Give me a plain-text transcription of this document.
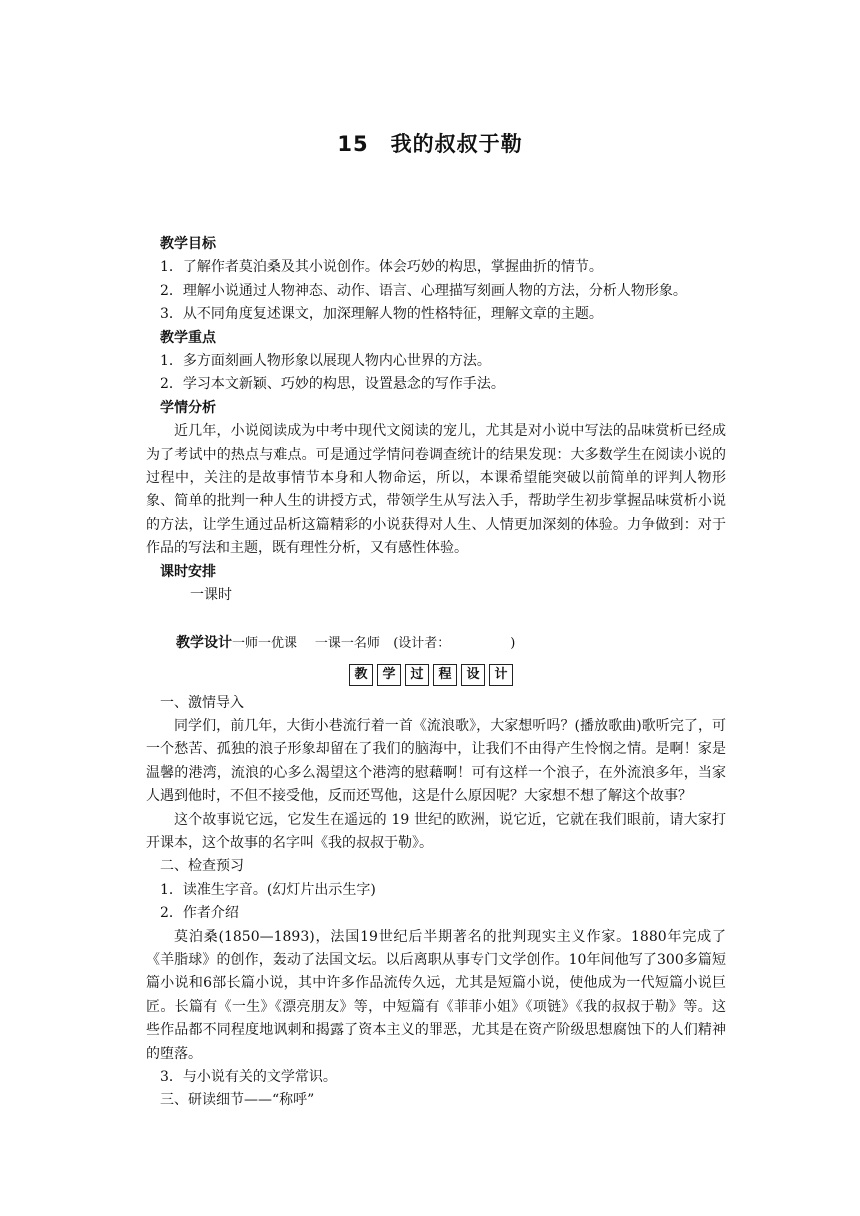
15 我的叔叔于勒

教学目标

1．了解作者莫泊桑及其小说创作。体会巧妙的构思，掌握曲折的情节。

2．理解小说通过人物神态、动作、语言、心理描写刻画人物的方法，分析人物形象。

3．从不同角度复述课文，加深理解人物的性格特征，理解文章的主题。

教学重点

1．多方面刻画人物形象以展现人物内心世界的方法。

2．学习本文新颖、巧妙的构思，设置悬念的写作手法。

学情分析

近几年，小说阅读成为中考中现代文阅读的宠儿，尤其是对小说中写法的品味赏析已经成为了考试中的热点与难点。可是通过学情问卷调查统计的结果发现：大多数学生在阅读小说的过程中，关注的是故事情节本身和人物命运，所以，本课希望能突破以前简单的评判人物形象、简单的批判一种人生的讲授方式，带领学生从写法入手，帮助学生初步掌握品味赏析小说的方法，让学生通过品析这篇精彩的小说获得对人生、人情更加深刻的体验。力争做到：对于作品的写法和主题，既有理性分析，又有感性体验。

课时安排

一课时

教学设计一师一优课 一课一名师 (设计者：	)
教 学 过 程 设 计

一、激情导入

同学们，前几年，大街小巷流行着一首《流浪歌》，大家想听吗？(播放歌曲)歌听完了，可一个愁苦、孤独的浪子形象却留在了我们的脑海中，让我们不由得产生怜悯之情。是啊！家是温馨的港湾，流浪的心多么渴望这个港湾的慰藉啊！可有这样一个浪子，在外流浪多年，当家人遇到他时，不但不接受他，反而还骂他，这是什么原因呢？大家想不想了解这个故事？

这个故事说它远，它发生在遥远的 19 世纪的欧洲，说它近，它就在我们眼前，请大家打开课本，这个故事的名字叫《我的叔叔于勒》。

二、检查预习

1．读准生字音。(幻灯片出示生字)

2．作者介绍

莫泊桑(1850—1893)，法国19世纪后半期著名的批判现实主义作家。1880年完成了《羊脂球》的创作，轰动了法国文坛。以后离职从事专门文学创作。10年间他写了300多篇短篇小说和6部长篇小说，其中许多作品流传久远，尤其是短篇小说，使他成为一代短篇小说巨匠。长篇有《一生》《漂亮朋友》等，中短篇有《菲菲小姐》《项链》《我的叔叔于勒》等。这些作品都不同程度地讽刺和揭露了资本主义的罪恶，尤其是在资产阶级思想腐蚀下的人们精神的堕落。

3．与小说有关的文学常识。

三、研读细节——“称呼”
